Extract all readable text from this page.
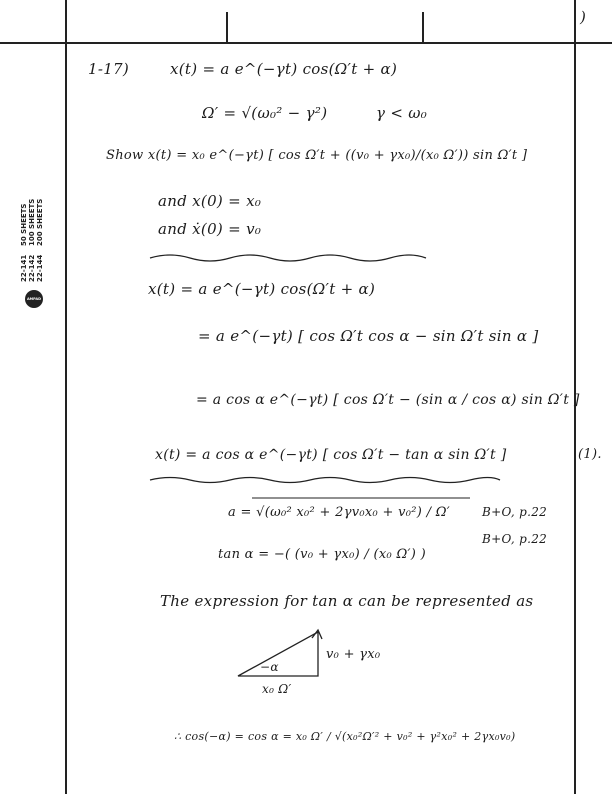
)
22-141 22-142 22-144
50 SHEETS 100 SHEETS 200 SHEETS
AMPAD
1-17)	x(t) = a e^(−γt) cos(Ω′t + α)
Ω′ = √(ω₀² − γ²)	γ < ω₀
Show x(t) = x₀ e^(−γt) [ cos Ω′t + ((v₀ + γx₀)/(x₀ Ω′)) sin Ω′t ]
and x(0) = x₀
and ẋ(0) = v₀
x(t) = a e^(−γt) cos(Ω′t + α)
= a e^(−γt) [ cos Ω′t cos α − sin Ω′t sin α ]
= a cos α e^(−γt) [ cos Ω′t − (sin α / cos α) sin Ω′t ]
x(t) = a cos α e^(−γt) [ cos Ω′t − tan α sin Ω′t ]	(1).
a = √(ω₀² x₀² + 2γv₀x₀ + v₀²) / Ω′	B+O, p.22
tan α = −( (v₀ + γx₀) / (x₀ Ω′) )
B+O, p.22
The expression for tan α can be represented as
v₀ + γx₀
−α
x₀ Ω′
∴ cos(−α) = cos α = x₀ Ω′ / √(x₀²Ω′² + v₀² + γ²x₀² + 2γx₀v₀)
